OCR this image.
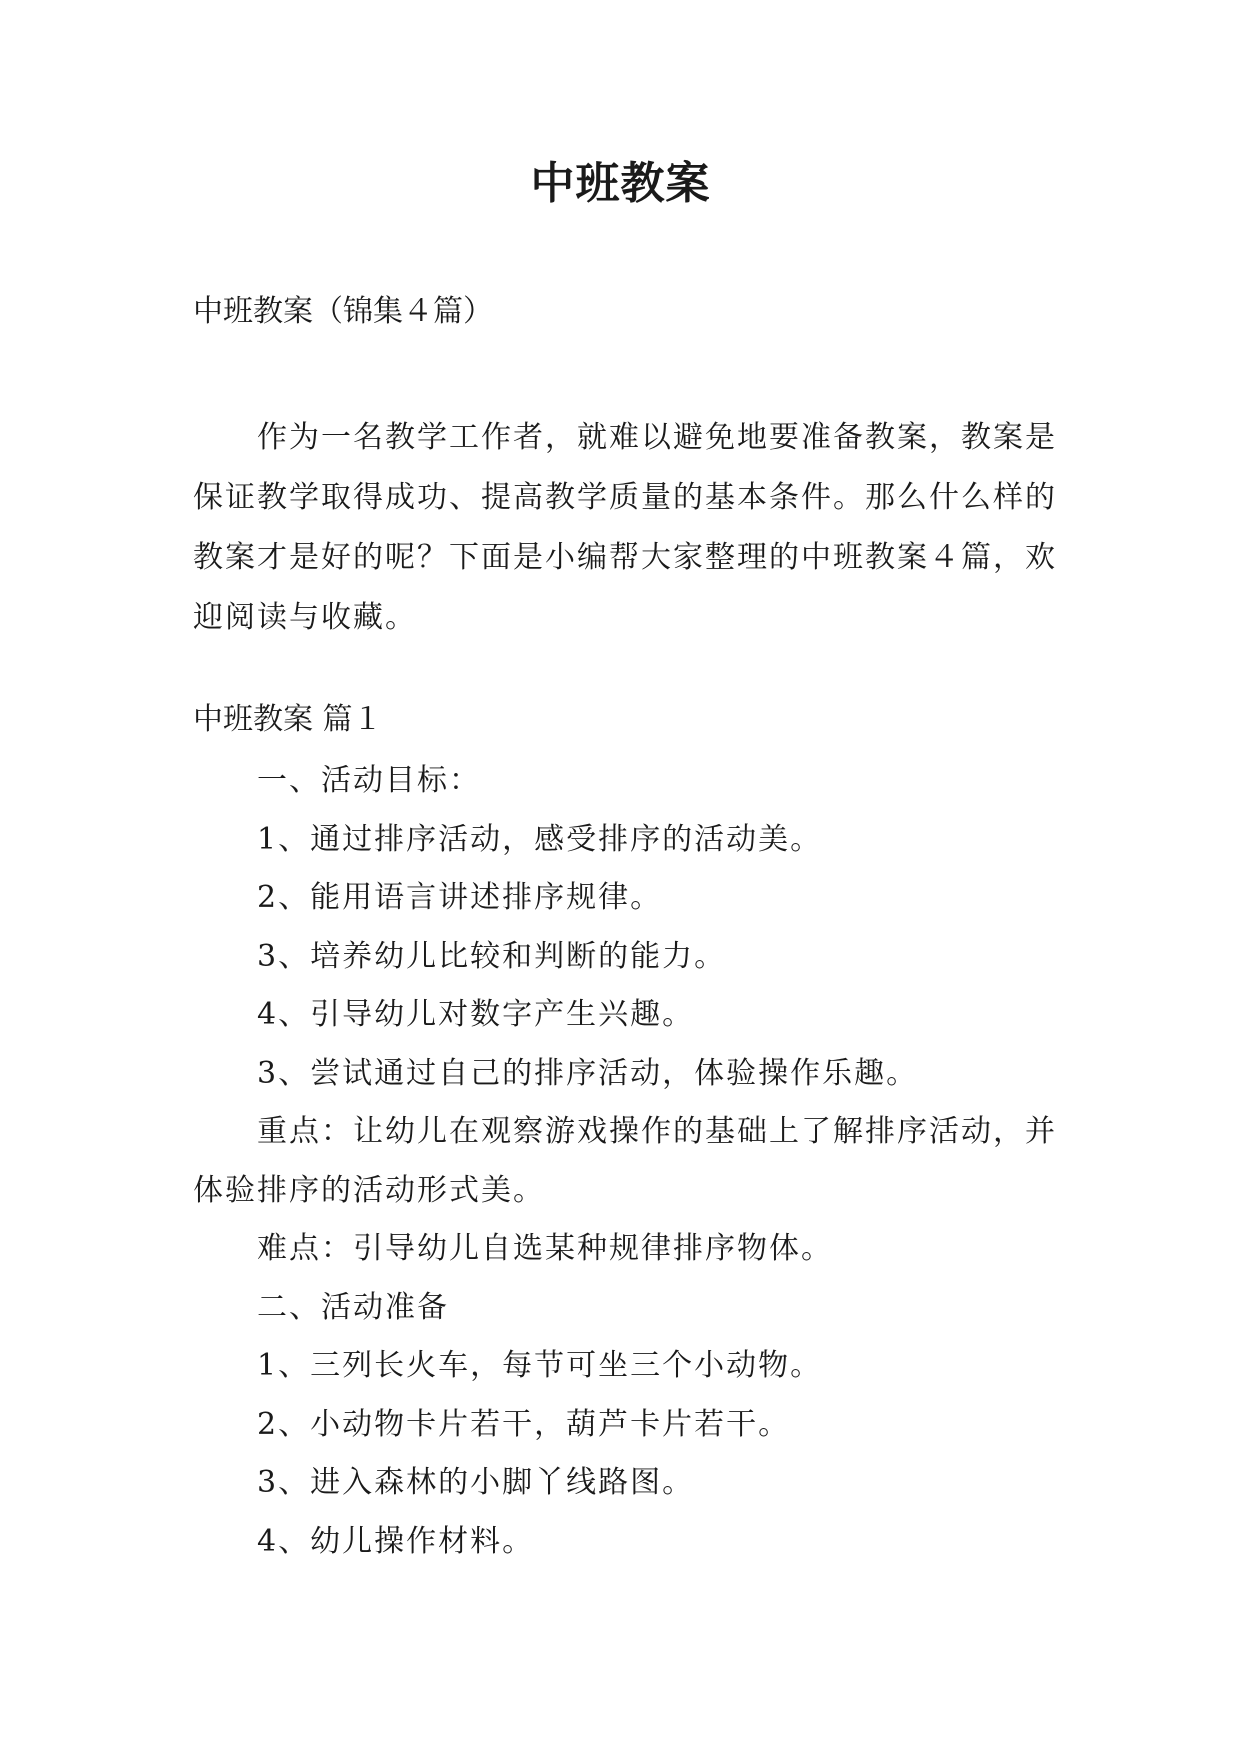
中班教案

中班教案（锦集４篇）

作为一名教学工作者，就难以避免地要准备教案，教案是保证教学取得成功、提高教学质量的基本条件。那么什么样的教案才是好的呢？下面是小编帮大家整理的中班教案４篇，欢迎阅读与收藏。

中班教案 篇１

一、活动目标：
1、通过排序活动，感受排序的活动美。
2、能用语言讲述排序规律。
3、培养幼儿比较和判断的能力。
4、引导幼儿对数字产生兴趣。
3、尝试通过自己的排序活动，体验操作乐趣。
重点：让幼儿在观察游戏操作的基础上了解排序活动，并体验排序的活动形式美。
难点：引导幼儿自选某种规律排序物体。
二、活动准备
1、三列长火车，每节可坐三个小动物。
2、小动物卡片若干，葫芦卡片若干。
3、进入森林的小脚丫线路图。
4、幼儿操作材料。
